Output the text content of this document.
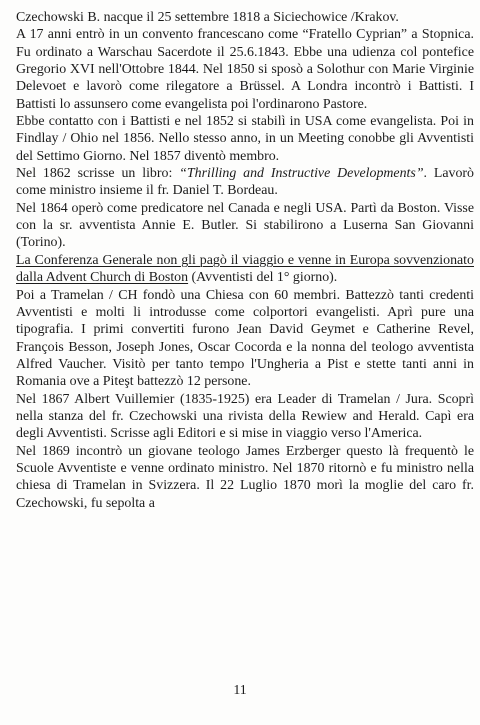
Czechowski B. nacque il 25 settembre 1818 a Siciechowice /Krakov.

A 17 anni entrò in un convento francescano come “Fratello Cyprian” a Stopnica. Fu ordinato a Warschau Sacerdote il 25.6.1843. Ebbe una udienza col pontefice Gregorio XVI nell'Ottobre 1844. Nel 1850 si sposò a Solothur con Marie Virginie Delevoet e lavorò come rilegatore a Brüssel. A Londra incontrò i Battisti. I Battisti lo assunsero come evangelista poi l'ordinarono Pastore.

Ebbe contatto con i Battisti e nel 1852 si stabilì in USA come evangelista. Poi in Findlay / Ohio nel 1856. Nello stesso anno, in un Meeting conobbe gli Avventisti del Settimo Giorno. Nel 1857 diventò membro.

Nel 1862 scrisse un libro: “Thrilling and Instructive Developments”. Lavorò come ministro insieme il fr. Daniel T. Bordeau.

Nel 1864 operò come predicatore nel Canada e negli USA. Partì da Boston. Visse con la sr. avventista Annie E. Butler. Si stabilirono a Luserna San Giovanni (Torino).

La Conferenza Generale non gli pagò il viaggio e venne in Europa sovvenzionato dalla Advent Church di Boston (Avventisti del 1° giorno).

Poi a Tramelan / CH fondò una Chiesa con 60 membri. Battezzò tanti credenti Avventisti e molti li introdusse come colportori evangelisti. Aprì pure una tipografia. I primi convertiti furono Jean David Geymet e Catherine Revel, François Besson, Joseph Jones, Oscar Cocorda e la nonna del teologo avventista Alfred Vaucher. Visitò per tanto tempo l'Ungheria a Pist e stette tanti anni in Romania ove a Piteşt battezzò 12 persone.

Nel 1867 Albert Vuillemier (1835-1925) era Leader di Tramelan / Jura. Scoprì nella stanza del fr. Czechowski una rivista della Rewiew and Herald. Capì era degli Avventisti. Scrisse agli Editori e si mise in viaggio verso l'America.

Nel 1869 incontrò un giovane teologo James Erzberger questo là frequentò le Scuole Avventiste e venne ordinato ministro. Nel 1870 ritornò e fu ministro nella chiesa di Tramelan in Svizzera. Il 22 Luglio 1870 morì la moglie del caro fr. Czechowski, fu sepolta a

11
